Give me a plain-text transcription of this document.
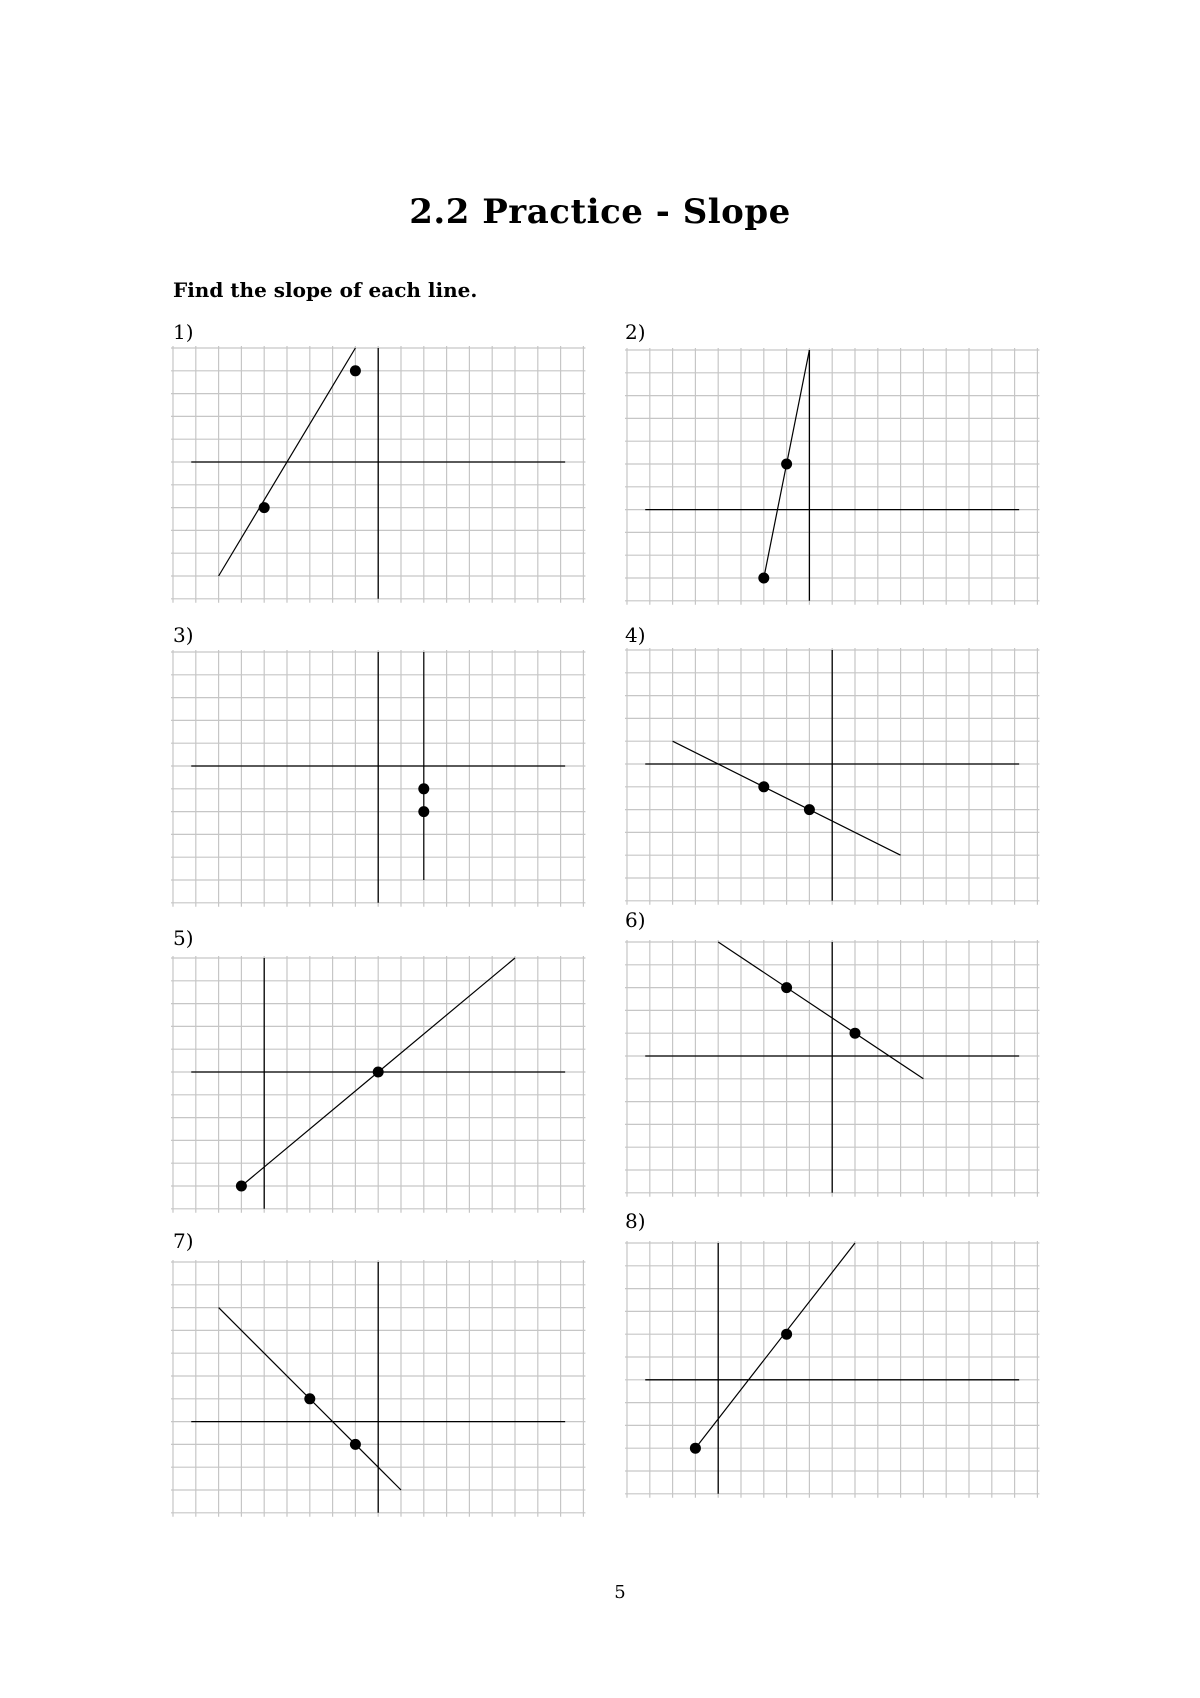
2.2 Practice - Slope
Find the slope of each line.
1)	2)
3)	4)
5)
6)
7)
8)
5
